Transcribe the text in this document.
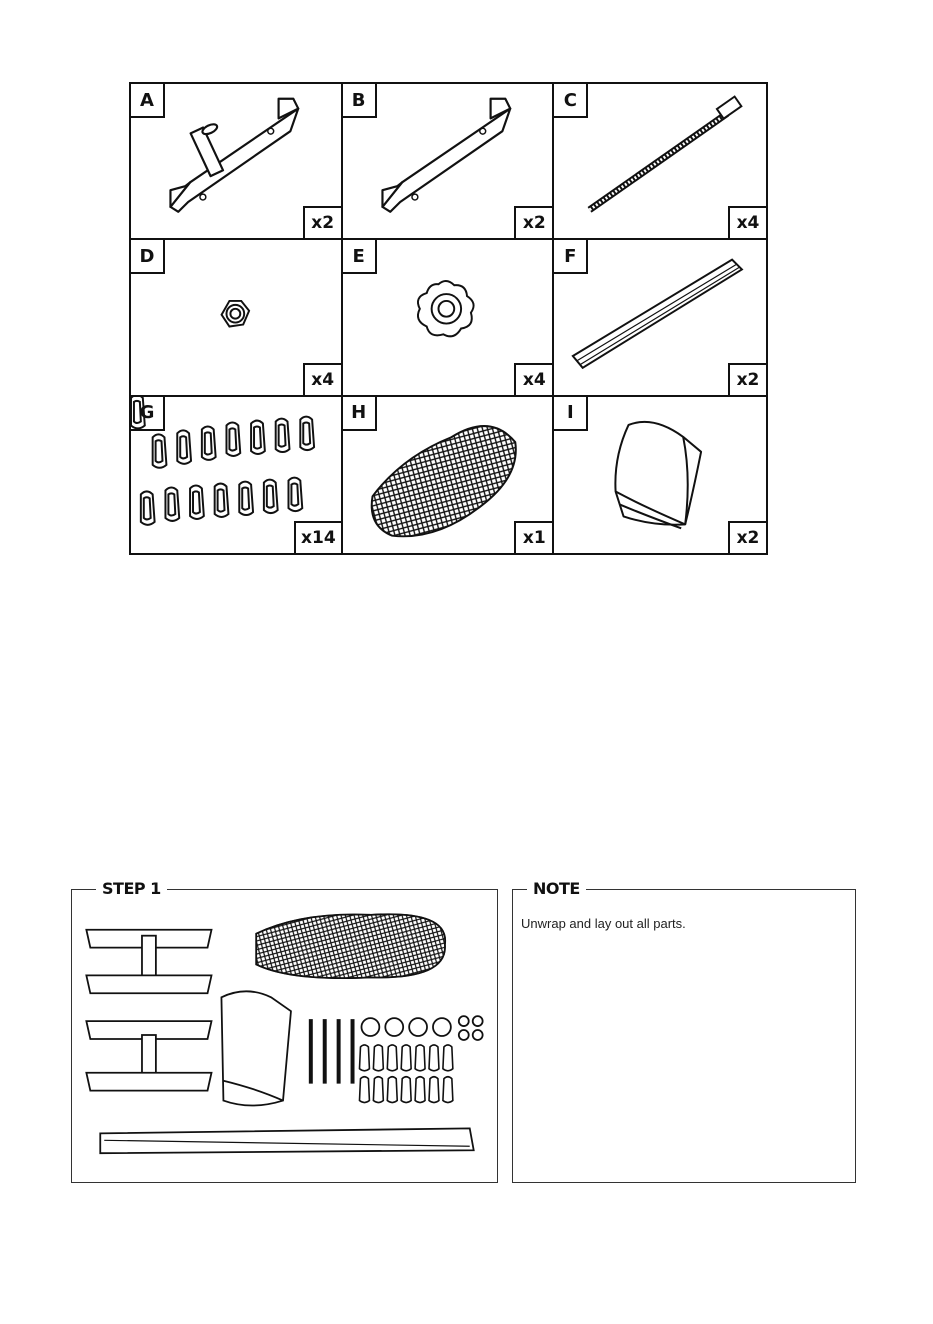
A
x2
B
x2
C
x4
D
x4
E
x4
F
x2
G
x14
H
x1
I
x2
STEP 1	NOTE
Unwrap and lay out all parts.
